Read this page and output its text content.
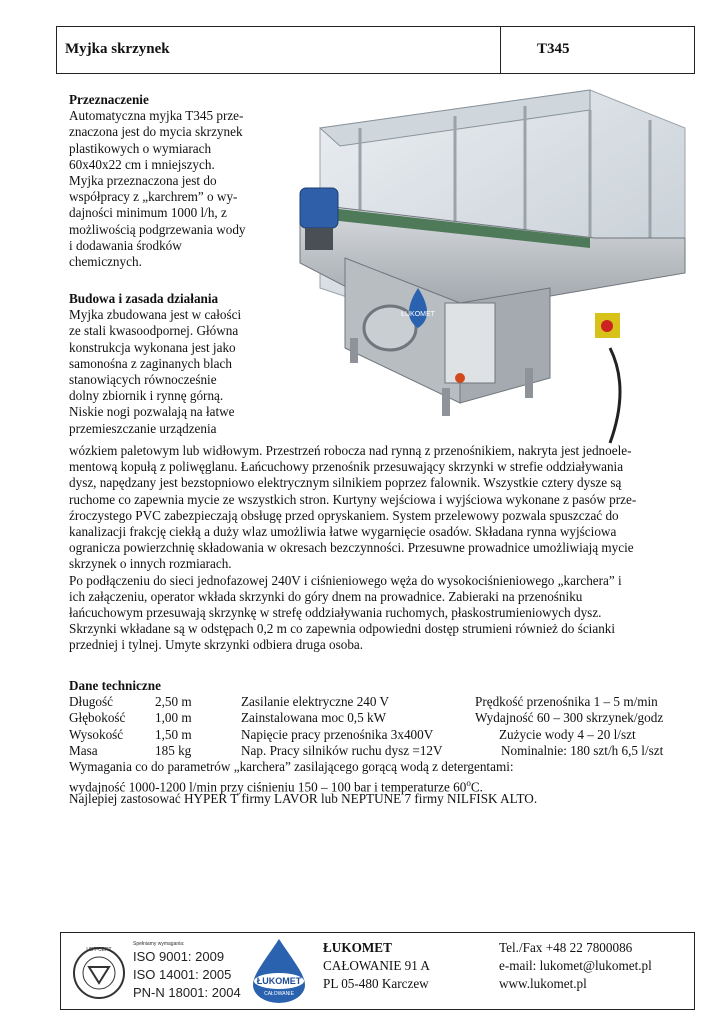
Myjka skrzynek	T345

Przeznaczenie

Automatyczna myjka T345 prze-

znaczona jest do mycia skrzynek

plastikowych o wymiarach

60x40x22 cm i mniejszych.

Myjka przeznaczona jest do

współpracy z „karchrem” o wy-

dajności minimum 1000 l/h, z

możliwością podgrzewania wody

i dodawania środków

chemicznych.

Budowa i zasada działania

Myjka zbudowana jest w całości

ze stali kwasoodpornej. Główna

konstrukcja wykonana jest jako

samonośna z zaginanych blach

stanowiących równocześnie

dolny zbiornik i rynnę górną.

Niskie nogi pozwalają na łatwe

przemieszczanie urządzenia

wózkiem paletowym lub widłowym. Przestrzeń robocza nad rynną z przenośnikiem, nakryta jest jednoele-

mentową kopułą z poliwęglanu. Łańcuchowy przenośnik przesuwający skrzynki w strefie oddziaływania

dysz, napędzany jest bezstopniowo elektrycznym silnikiem poprzez falownik. Wszystkie cztery dysze są

ruchome co zapewnia mycie ze wszystkich stron. Kurtyny wejściowa i wyjściowa wykonane z pasów prze-

źroczystego PVC zabezpieczają obsługę przed opryskaniem. System przelewowy pozwala spuszczać do

kanalizacji frakcję ciekłą a duży wlaz umożliwia łatwe wygarnięcie osadów. Składana rynna wyjściowa

ogranicza powierzchnię składowania w okresach bezczynności. Przesuwne prowadnice umożliwiają mycie

skrzynek o innych rozmiarach.

Po podłączeniu do sieci jednofazowej 240V i ciśnieniowego węża do wysokociśnieniowego „karchera” i

ich załączeniu, operator wkłada skrzynki do góry dnem na prowadnice. Zabieraki na przenośniku

łańcuchowym przesuwają skrzynkę w strefę oddziaływania ruchomych, płaskostrumieniowych dysz.

Skrzynki wkładane są w odstępach 0,2 m co zapewnia odpowiedni dostęp strumieni również do ścianki

przedniej i tylnej. Umyte skrzynki odbiera druga osoba.

ŁUKOMET
Dane techniczne
Długość	2,50 m	Zasilanie elektryczne 240 V	Prędkość przenośnika 1 – 5 m/min
Głębokość 1,00 m	Zainstalowana moc 0,5 kW	Wydajność 60 – 300 skrzynek/godz
Wysokość 1,50 m	Napięcie pracy przenośnika 3x400V	Zużycie wody 4 – 20 l/szt
Masa	185 kg	Nap. Pracy silników ruchu dysz =12V	Nominalnie: 180 szt/h 6,5 l/szt
Wymagania co do parametrów „karchera” zasilającego gorącą wodą z detergentami:
wydajność 1000-1200 l/min przy ciśnieniu 150 – 100 bar i temperaturze 60$^o$C.
Najlepiej zastosować HYPER T firmy LAVOR lub NEPTUNE 7 firmy NILFISK ALTO.
UDT-CERT
Spełniamy wymagania:
ISO 9001: 2009
ISO 14001: 2005
PN-N 18001: 2004
ŁUKOMET
CAŁOWANIE
ŁUKOMET
CAŁOWANIE 91 A
PL 05-480 Karczew
Tel./Fax +48 22 7800086
e-mail: lukomet@lukomet.pl
www.lukomet.pl
